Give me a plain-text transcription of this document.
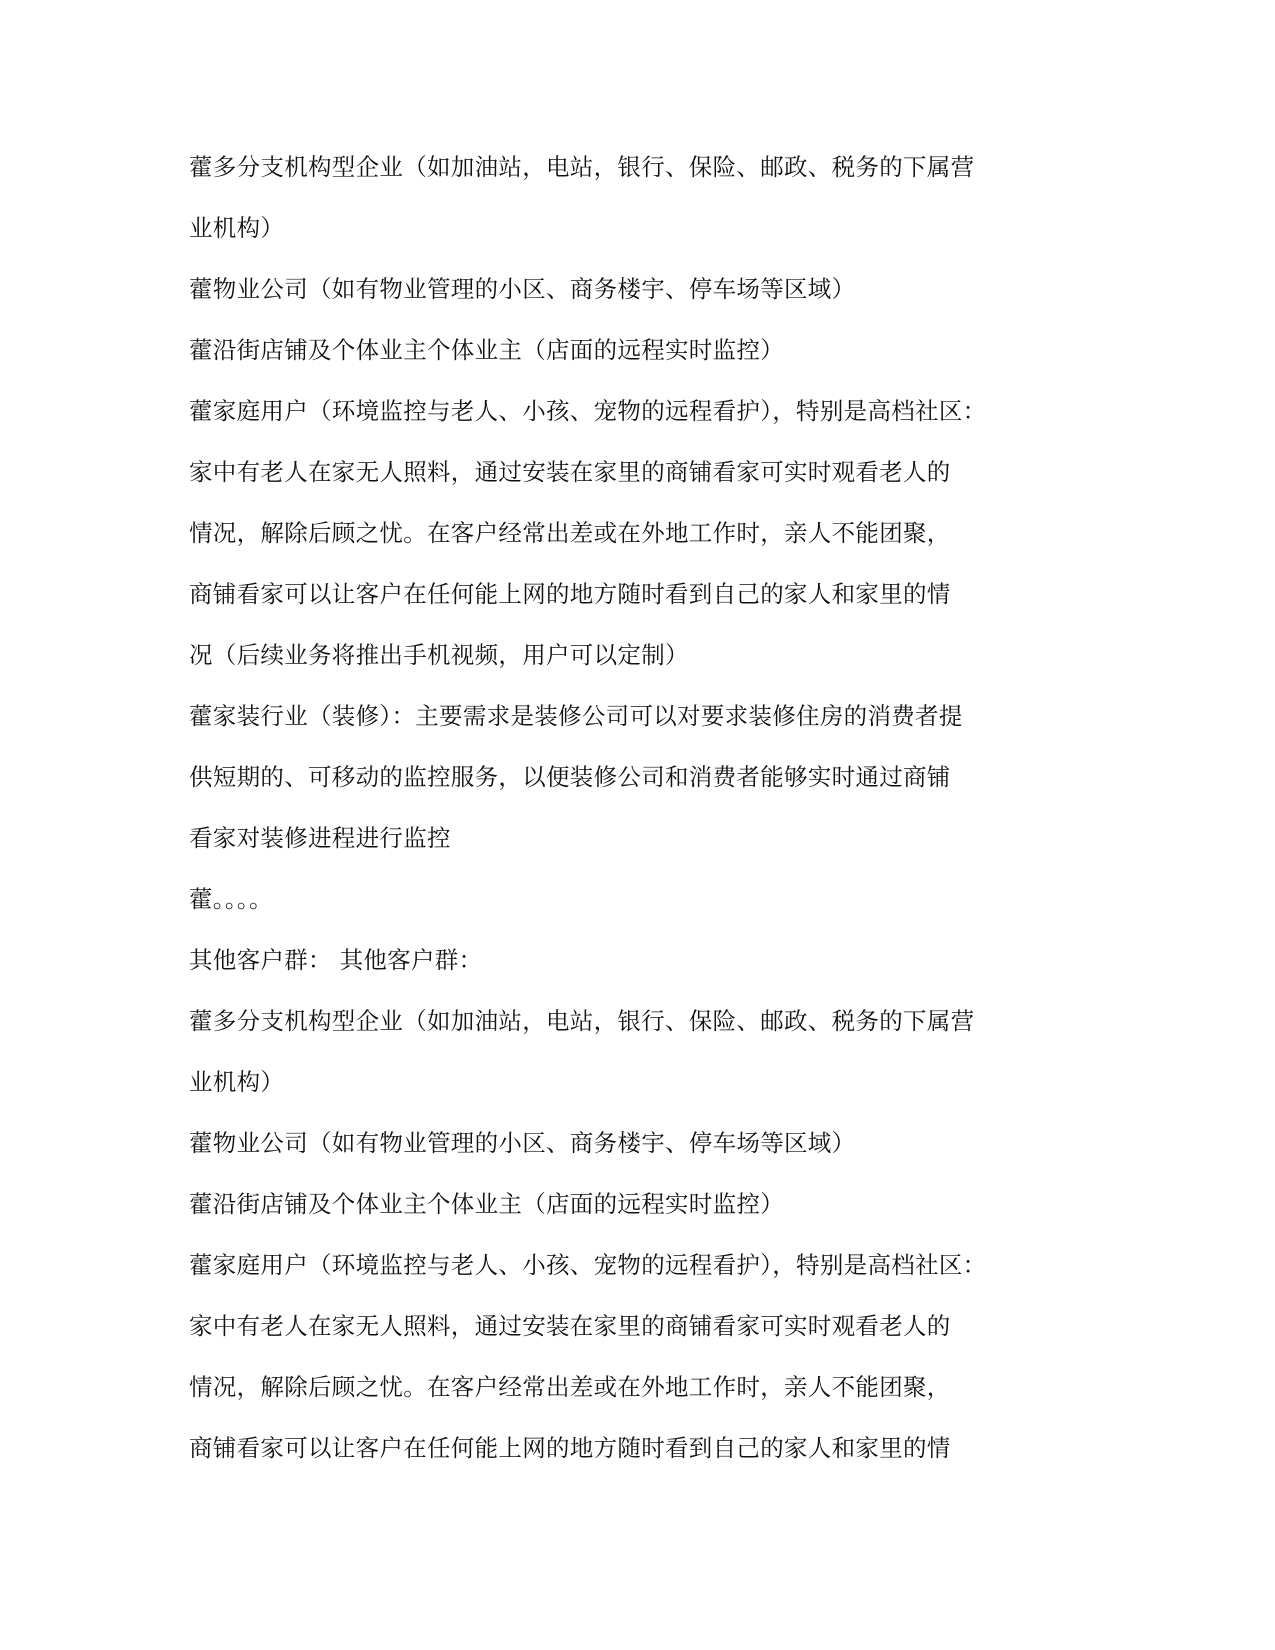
藿多分支机构型企业（如加油站，电站，银行、保险、邮政、税务的下属营
业机构）
藿物业公司（如有物业管理的小区、商务楼宇、停车场等区域）
藿沿街店铺及个体业主个体业主（店面的远程实时监控）
藿家庭用户（环境监控与老人、小孩、宠物的远程看护），特别是高档社区：
家中有老人在家无人照料，通过安装在家里的商铺看家可实时观看老人的
情况，解除后顾之忧。在客户经常出差或在外地工作时，亲人不能团聚，
商铺看家可以让客户在任何能上网的地方随时看到自己的家人和家里的情
况（后续业务将推出手机视频，用户可以定制）
藿家装行业（装修）：主要需求是装修公司可以对要求装修住房的消费者提
供短期的、可移动的监控服务，以便装修公司和消费者能够实时通过商铺
看家对装修进程进行监控
藿。。。。
其他客户群： 其他客户群：
藿多分支机构型企业（如加油站，电站，银行、保险、邮政、税务的下属营
业机构）
藿物业公司（如有物业管理的小区、商务楼宇、停车场等区域）
藿沿街店铺及个体业主个体业主（店面的远程实时监控）
藿家庭用户（环境监控与老人、小孩、宠物的远程看护），特别是高档社区：
家中有老人在家无人照料，通过安装在家里的商铺看家可实时观看老人的
情况，解除后顾之忧。在客户经常出差或在外地工作时，亲人不能团聚，
商铺看家可以让客户在任何能上网的地方随时看到自己的家人和家里的情
